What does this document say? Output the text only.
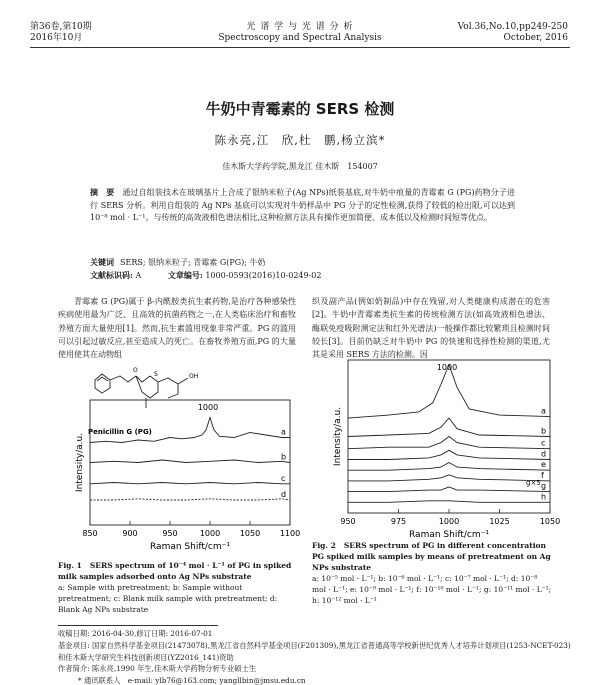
第36卷,第10期
2016年10月
光 谱 学 与 光 谱 分 析
Spectroscopy and Spectral Analysis
Vol.36,No.10,pp249-250
October, 2016
牛奶中青霉素的 SERS 检测
陈永亮,江　欣,杜　鹏,杨立滨*
佳木斯大学药学院,黑龙江 佳木斯　154007
摘　要 通过自组装技术在玻璃基片上合成了银纳米粒子(Ag NPs)纸装基底,对牛奶中痕量的青霉素 G (PG)药物分子进行 SERS 分析。利用自组装的 Ag NPs 基底可以实现对牛奶样品中 PG 分子的定性检测,获得了较低的检出限,可以达到 10⁻⁸ mol · L⁻¹。与传统的高效液相色谱法相比,这种检测方法具有操作更加简便、成本低以及检测时间短等优点。
关键词 SERS; 银纳米粒子; 青霉素 G(PG); 牛奶
文献标识码: A	文章编号: 1000-0593(2016)10-0249-02
青霉素 G (PG)属于 β-内酰胺类抗生素药物,是治疗各种感染性疾病使用最为广泛、且高效的抗菌药物之一,在人类临床治疗和畜牧养殖方面大量使用[1]。然而,抗生素滥用现象非常严重。PG 的滥用可以引起过敏反应,甚至造成人的死亡。在畜牧养殖方面,PG 的大量使用使其在动物组
织及副产品(例如奶制品)中存在残留,对人类健康构成潜在的危害[2]。牛奶中青霉素类抗生素的传统检测方法(如高效液相色谱法、酶联免疫吸附测定法和红外光谱法)一般操作都比较繁琐且检测时间较长[3]。目前仍缺乏对牛奶中 PG 的快速和选择性检测的渠道,尤其是采用 SERS 方法的检测。因
S
O
OH
Penicillin G (PG)
850	900	950	1000 1050 1100
Raman Shift/cm⁻¹
Intensity/a.u.
a
b
c
d
1000
950	975	1000	1025	1050
Raman Shift/cm⁻¹
Intensity/a.u.	a
b
c
d
e
f
g
h
1000
g×5
Fig. 1 SERS spectrum of 10⁻⁴ mol · L⁻¹ of PG in spiked milk samples adsorbed onto Ag NPs substrate
a: Sample with pretreatment; b: Sample without pretreatment; c: Blank milk sample with pretreatment; d: Blank Ag NPs substrate
Fig. 2 SERS spectrum of PG in different concentration PG spiked milk samples by means of pretreatment on Ag NPs substrate
a: 10⁻⁵ mol · L⁻¹; b: 10⁻⁶ mol · L⁻¹; c: 10⁻⁷ mol · L⁻¹; d: 10⁻⁸ mol · L⁻¹; e: 10⁻⁹ mol · L⁻¹; f: 10⁻¹⁰ mol · L⁻¹; g: 10⁻¹¹ mol · L⁻¹; h: 10⁻¹² mol · L⁻¹
收稿日期: 2016-04-30,修订日期: 2016-07-01
基金项目: 国家自然科学基金项目(21473078),黑龙江省自然科学基金项目(F201309),黑龙江省普通高等学校新世纪优秀人才培养计划项目(1253-NCET-023)和佳木斯大学研究生科技创新项目(YZ2016_141)资助
作者简介: 陈永亮,1990 年生,佳木斯大学药物分析专业硕士生
* 通讯联系人　e-mail: ylb76@163.com; yangllbin@jmsu.edu.cn
